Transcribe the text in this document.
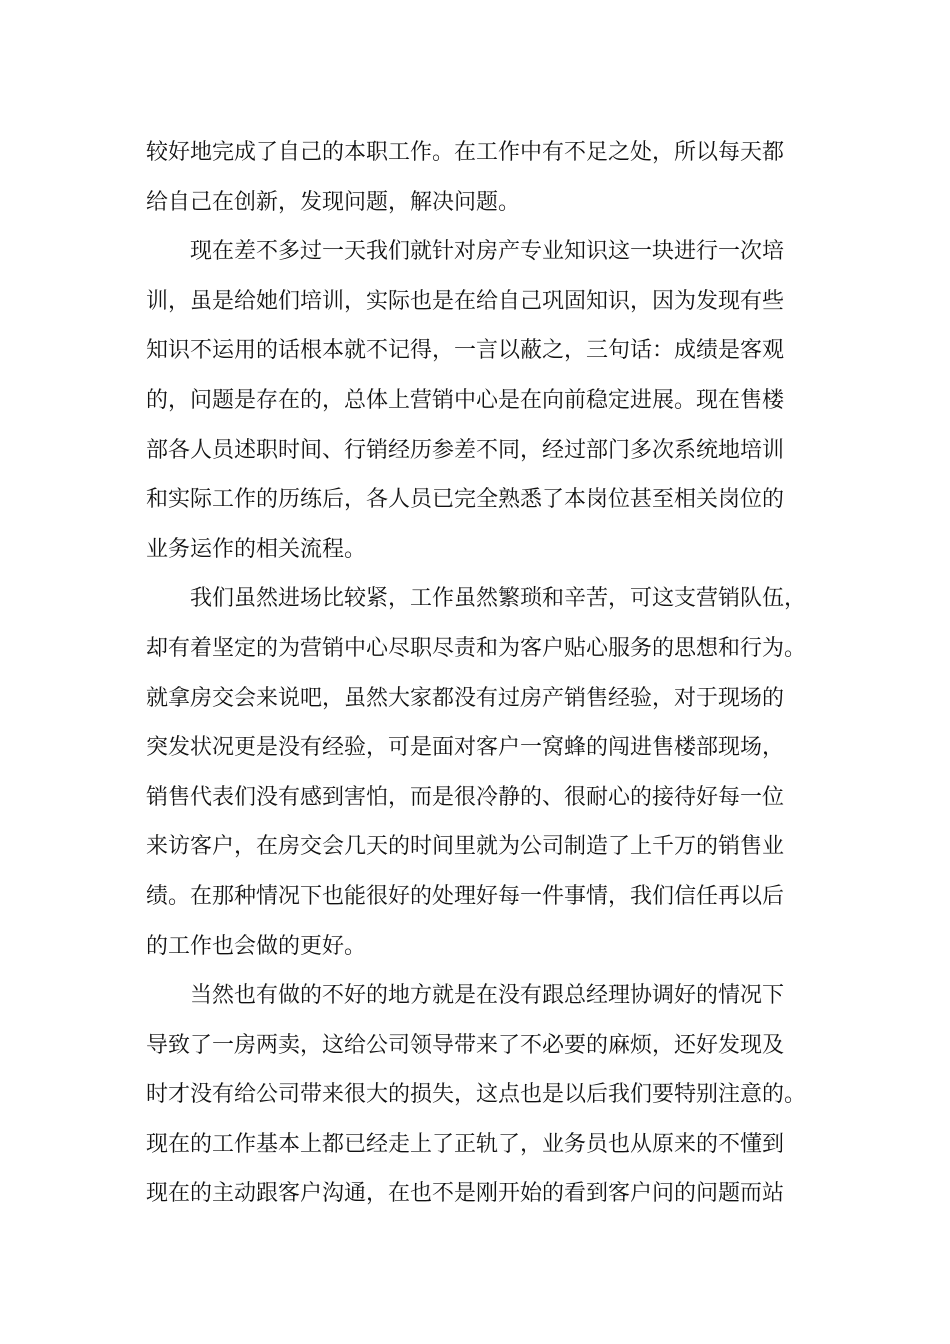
较好地完成了自己的本职工作。在工作中有不足之处，所以每天都
给自己在创新，发现问题，解决问题。
现在差不多过一天我们就针对房产专业知识这一块进行一次培
训，虽是给她们培训，实际也是在给自己巩固知识，因为发现有些
知识不运用的话根本就不记得，一言以蔽之，三句话：成绩是客观
的，问题是存在的，总体上营销中心是在向前稳定进展。现在售楼
部各人员述职时间、行销经历参差不同，经过部门多次系统地培训
和实际工作的历练后，各人员已完全熟悉了本岗位甚至相关岗位的
业务运作的相关流程。
我们虽然进场比较紧，工作虽然繁琐和辛苦，可这支营销队伍，
却有着坚定的为营销中心尽职尽责和为客户贴心服务的思想和行为。
就拿房交会来说吧，虽然大家都没有过房产销售经验，对于现场的
突发状况更是没有经验，可是面对客户一窝蜂的闯进售楼部现场，
销售代表们没有感到害怕，而是很冷静的、很耐心的接待好每一位
来访客户，在房交会几天的时间里就为公司制造了上千万的销售业
绩。在那种情况下也能很好的处理好每一件事情，我们信任再以后
的工作也会做的更好。
当然也有做的不好的地方就是在没有跟总经理协调好的情况下
导致了一房两卖，这给公司领导带来了不必要的麻烦，还好发现及
时才没有给公司带来很大的损失，这点也是以后我们要特别注意的。
现在的工作基本上都已经走上了正轨了，业务员也从原来的不懂到
现在的主动跟客户沟通，在也不是刚开始的看到客户问的问题而站
